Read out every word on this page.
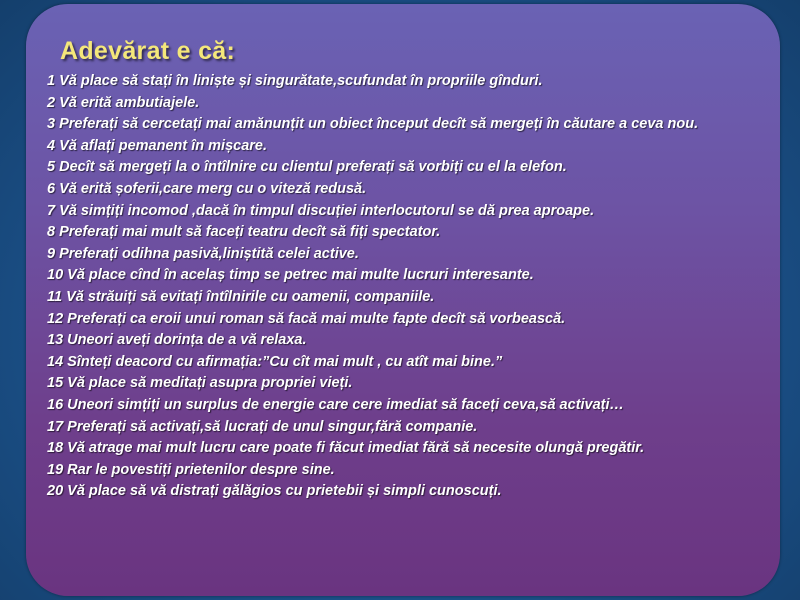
Adevărat e că:
1 Vă place să stați în liniște și singurătate,scufundat în propriile gînduri.
2 Vă erită ambutiajele.
3 Preferați să cercetați mai amănunțit un obiect început decît să mergeți în căutare a ceva nou.
4 Vă aflați pemanent în mișcare.
5 Decît să mergeți la o întîlnire cu clientul preferați să vorbiți cu el la elefon.
6 Vă erită șoferii,care merg cu o viteză redusă.
7 Vă simțiți incomod ,dacă în timpul discuției interlocutorul se dă prea aproape.
8 Preferați mai mult să faceți teatru decît să fiți spectator.
9 Preferați odihna pasivă,liniștită celei active.
10 Vă place cînd în acelaș timp se petrec mai multe lucruri interesante.
11 Vă străuiți să evitați întîlnirile cu oamenii, companiile.
12 Preferați ca eroii unui roman să facă mai multe fapte decît să vorbească.
13 Uneori aveți dorința de a vă relaxa.
14 Sînteți deacord cu afirmația:”Cu cît mai mult , cu atît mai bine.”
15 Vă place să meditați asupra propriei vieți.
16 Uneori simțiți un surplus de energie care cere imediat să faceți ceva,să activați…
17 Preferați să activați,să lucrați de unul singur,fără companie.
18 Vă atrage mai mult lucru care poate fi făcut imediat fără să necesite olungă pregătir.
19 Rar le povestiți prietenilor despre sine.
20 Vă place să vă distrați gălăgios cu prietebii și simpli cunoscuți.
